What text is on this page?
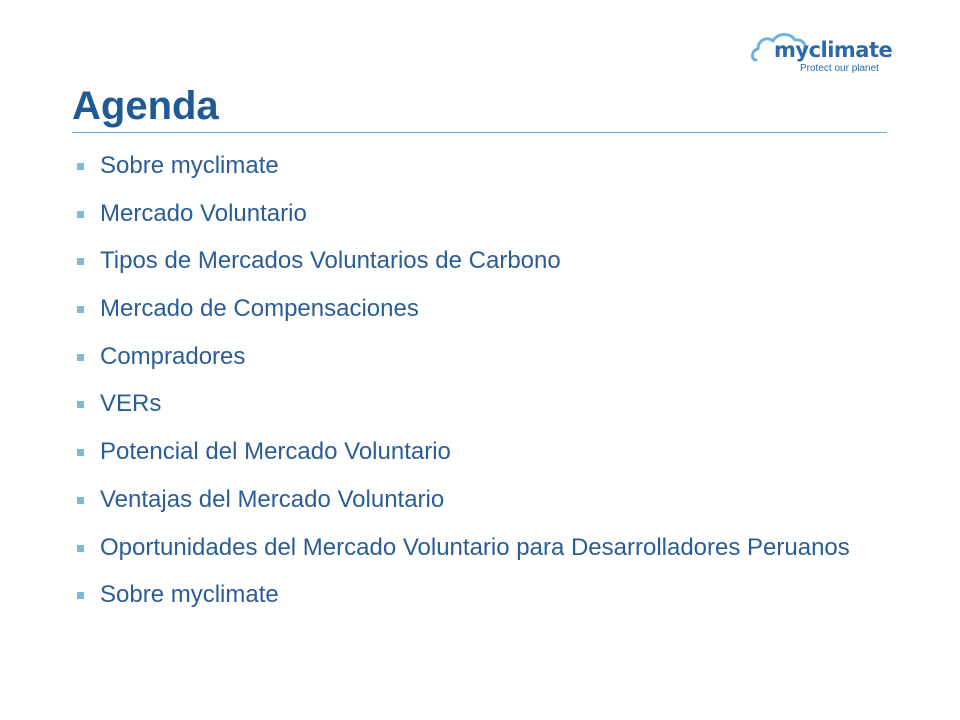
myclimate
Protect our planet
Agenda
Sobre myclimate
Mercado Voluntario
Tipos de Mercados Voluntarios de Carbono
Mercado de Compensaciones
Compradores
VERs
Potencial del Mercado Voluntario
Ventajas del Mercado Voluntario
Oportunidades del Mercado Voluntario para Desarrolladores Peruanos
Sobre myclimate
